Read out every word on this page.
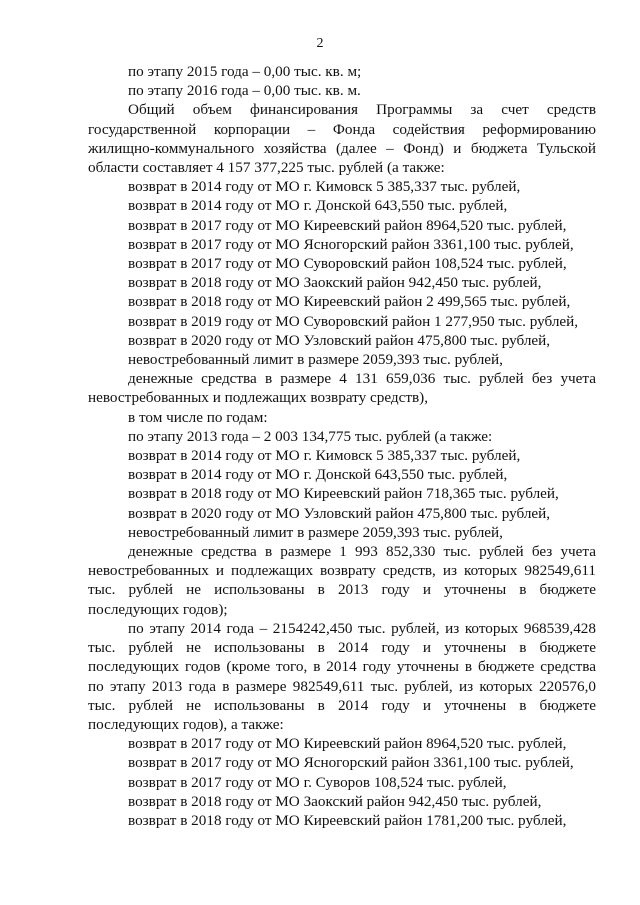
2
по этапу 2015 года – 0,00 тыс. кв. м;
по этапу 2016 года – 0,00 тыс. кв. м.
Общий объем финансирования Программы за счет средств
государственной корпорации – Фонда содействия реформированию
жилищно-коммунального хозяйства (далее – Фонд) и бюджета Тульской
области составляет 4 157 377,225 тыс. рублей (а также:
возврат в 2014 году от МО г. Кимовск 5 385,337 тыс. рублей,
возврат в 2014 году от МО г. Донской 643,550 тыс. рублей,
возврат в 2017 году от МО Киреевский район 8964,520 тыс. рублей,
возврат в 2017 году от МО Ясногорский район 3361,100 тыс. рублей,
возврат в 2017 году от МО Суворовский район 108,524 тыс. рублей,
возврат в 2018 году от МО Заокский район 942,450 тыс. рублей,
возврат в 2018 году от МО Киреевский район 2 499,565 тыс. рублей,
возврат в 2019 году от МО Суворовский район 1 277,950 тыс. рублей,
возврат в 2020 году от МО Узловский район 475,800 тыс. рублей,
невостребованный лимит в размере 2059,393 тыс. рублей,
денежные средства в размере 4 131 659,036 тыс. рублей без учета
невостребованных и подлежащих возврату средств),
в том числе по годам:
по этапу 2013 года – 2 003 134,775 тыс. рублей (а также:
возврат в 2014 году от МО г. Кимовск 5 385,337 тыс. рублей,
возврат в 2014 году от МО г. Донской 643,550 тыс. рублей,
возврат в 2018 году от МО Киреевский район 718,365 тыс. рублей,
возврат в 2020 году от МО Узловский район 475,800 тыс. рублей,
невостребованный лимит в размере 2059,393 тыс. рублей,
денежные средства в размере 1 993 852,330 тыс. рублей без учета
невостребованных и подлежащих возврату средств, из которых 982549,611
тыс. рублей не использованы в 2013 году и уточнены в бюджете
последующих годов);
по этапу 2014 года – 2154242,450 тыс. рублей, из которых 968539,428
тыс. рублей не использованы в 2014 году и уточнены в бюджете
последующих годов (кроме того, в 2014 году уточнены в бюджете средства
по этапу 2013 года в размере 982549,611 тыс. рублей, из которых 220576,0
тыс. рублей не использованы в 2014 году и уточнены в бюджете
последующих годов), а также:
возврат в 2017 году от МО Киреевский район 8964,520 тыс. рублей,
возврат в 2017 году от МО Ясногорский район 3361,100 тыс. рублей,
возврат в 2017 году от МО г. Суворов 108,524 тыс. рублей,
возврат в 2018 году от МО Заокский район 942,450 тыс. рублей,
возврат в 2018 году от МО Киреевский район 1781,200 тыс. рублей,
